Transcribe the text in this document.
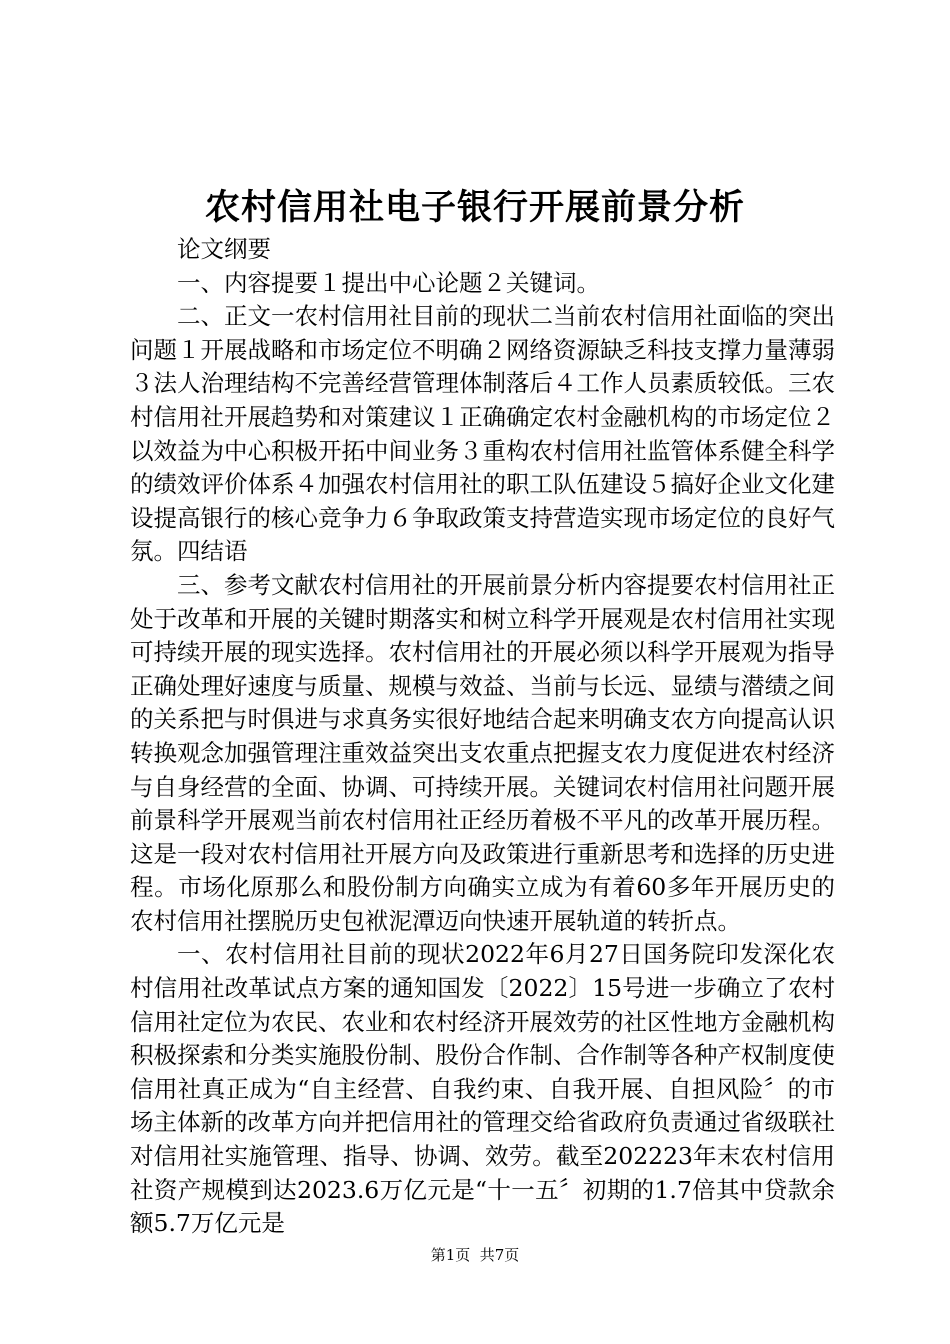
农村信用社电子银行开展前景分析

论文纲要

一、内容提要１提出中心论题２关键词。

二、正文一农村信用社目前的现状二当前农村信用社面临的突出问题１开展战略和市场定位不明确２网络资源缺乏科技支撑力量薄弱３法人治理结构不完善经营管理体制落后４工作人员素质较低。三农村信用社开展趋势和对策建议１正确确定农村金融机构的市场定位２以效益为中心积极开拓中间业务３重构农村信用社监管体系健全科学的绩效评价体系４加强农村信用社的职工队伍建设５搞好企业文化建设提高银行的核心竞争力６争取政策支持营造实现市场定位的良好气氛。四结语

三、参考文献农村信用社的开展前景分析内容提要农村信用社正处于改革和开展的关键时期落实和树立科学开展观是农村信用社实现可持续开展的现实选择。农村信用社的开展必须以科学开展观为指导正确处理好速度与质量、规模与效益、当前与长远、显绩与潜绩之间的关系把与时俱进与求真务实很好地结合起来明确支农方向提高认识转换观念加强管理注重效益突出支农重点把握支农力度促进农村经济与自身经营的全面、协调、可持续开展。关键词农村信用社问题开展前景科学开展观当前农村信用社正经历着极不平凡的改革开展历程。这是一段对农村信用社开展方向及政策进行重新思考和选择的历史进程。市场化原那么和股份制方向确实立成为有着60多年开展历史的农村信用社摆脱历史包袱泥潭迈向快速开展轨道的转折点。

一、农村信用社目前的现状2022年6月27日国务院印发深化农村信用社改革试点方案的通知国发〔2022〕15号进一步确立了农村信用社定位为农民、农业和农村经济开展效劳的社区性地方金融机构积极探索和分类实施股份制、股份合作制、合作制等各种产权制度使信用社真正成为“自主经营、自我约束、自我开展、自担风险〞的市场主体新的改革方向并把信用社的管理交给省政府负责通过省级联社对信用社实施管理、指导、协调、效劳。截至202223年末农村信用社资产规模到达2023.6万亿元是“十一五〞初期的1.7倍其中贷款余额5.7万亿元是

第1页  共7页
